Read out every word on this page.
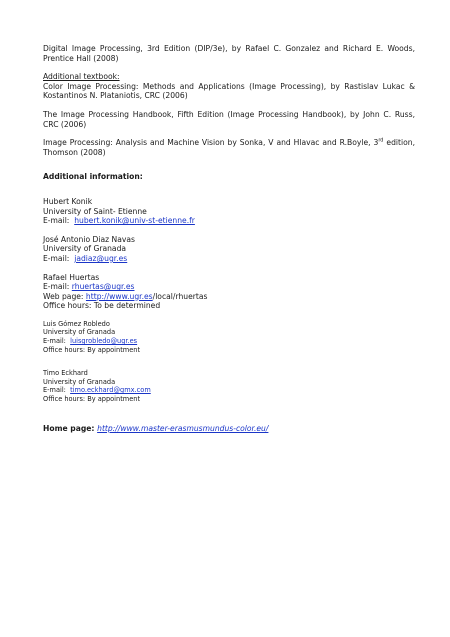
Digital Image Processing, 3rd Edition (DIP/3e), by Rafael C. Gonzalez and Richard E. Woods, Prentice Hall (2008)

Additional textbook:

Color Image Processing: Methods and Applications (Image Processing), by Rastislav Lukac & Kostantinos N. Plataniotis, CRC (2006)

The Image Processing Handbook, Fifth Edition (Image Processing Handbook), by John C. Russ, CRC (2006)

Image Processing: Analysis and Machine Vision by Sonka, V and Hlavac and R.Boyle, 3rd edition, Thomson (2008)

Additional information:

Hubert Konik
University of Saint- Etienne
E-mail: hubert.konik@univ-st-etienne.fr
José Antonio Diaz Navas
University of Granada
E-mail: jadiaz@ugr.es
Rafael Huertas
E-mail: rhuertas@ugr.es
Web page: http://www.ugr.es/local/rhuertas
Office hours: To be determined
Luis Gómez Robledo
University of Granada
E-mail: luisgrobledo@ugr.es
Office hours: By appointment
Timo Eckhard
University of Granada
E-mail: timo.eckhard@gmx.com
Office hours: By appointment

Home page: http://www.master-erasmusmundus-color.eu/
